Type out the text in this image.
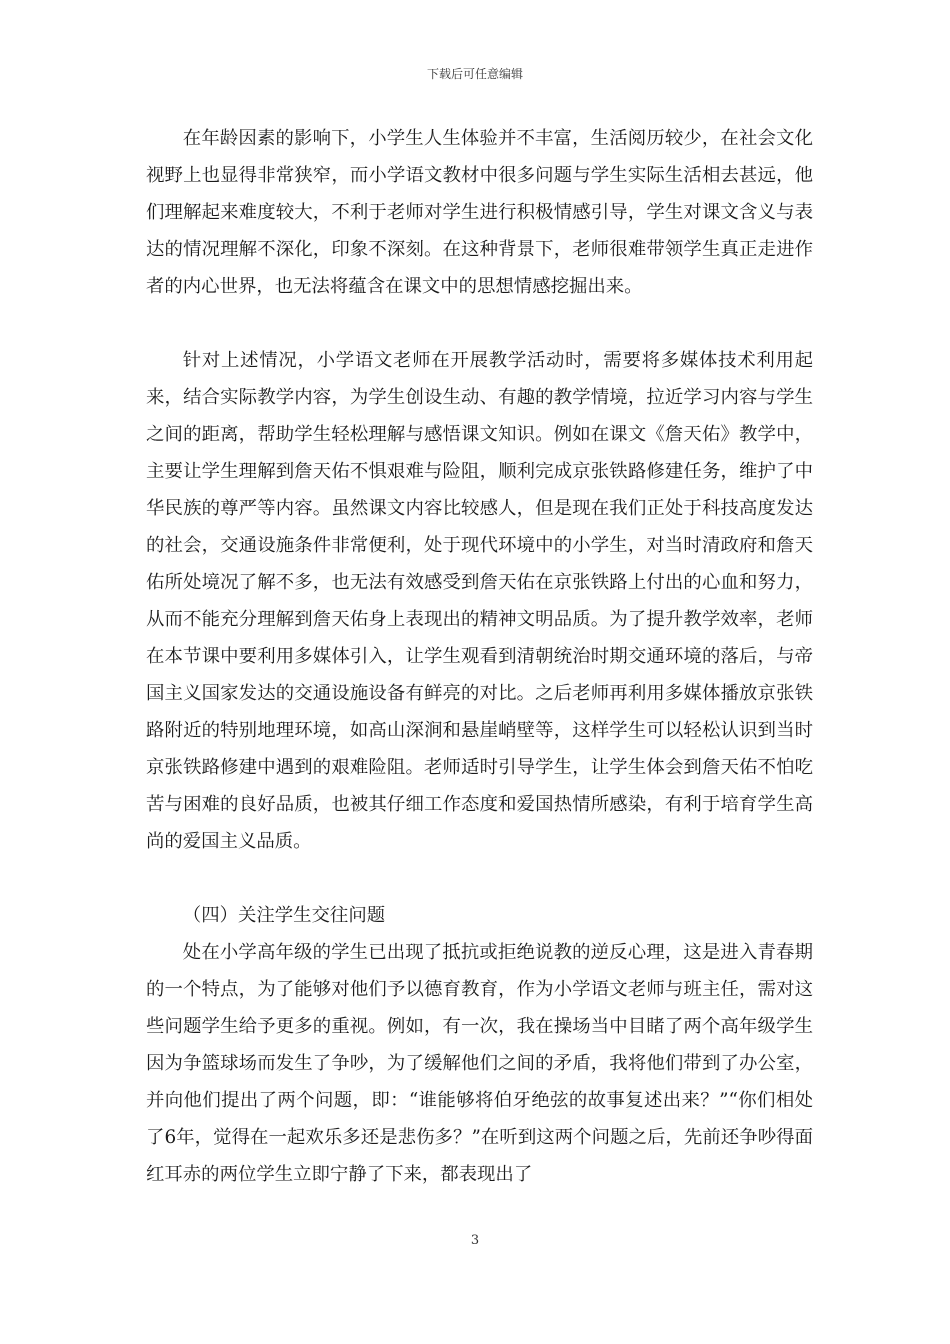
下载后可任意编辑

在年龄因素的影响下，小学生人生体验并不丰富，生活阅历较少，在社会文化视野上也显得非常狭窄，而小学语文教材中很多问题与学生实际生活相去甚远，他们理解起来难度较大，不利于老师对学生进行积极情感引导，学生对课文含义与表达的情况理解不深化，印象不深刻。在这种背景下，老师很难带领学生真正走进作者的内心世界，也无法将蕴含在课文中的思想情感挖掘出来。

针对上述情况，小学语文老师在开展教学活动时，需要将多媒体技术利用起来，结合实际教学内容，为学生创设生动、有趣的教学情境，拉近学习内容与学生之间的距离，帮助学生轻松理解与感悟课文知识。例如在课文《詹天佑》教学中，主要让学生理解到詹天佑不惧艰难与险阻，顺利完成京张铁路修建任务，维护了中华民族的尊严等内容。虽然课文内容比较感人，但是现在我们正处于科技高度发达的社会，交通设施条件非常便利，处于现代环境中的小学生，对当时清政府和詹天佑所处境况了解不多，也无法有效感受到詹天佑在京张铁路上付出的心血和努力，从而不能充分理解到詹天佑身上表现出的精神文明品质。为了提升教学效率，老师在本节课中要利用多媒体引入，让学生观看到清朝统治时期交通环境的落后，与帝国主义国家发达的交通设施设备有鲜亮的对比。之后老师再利用多媒体播放京张铁路附近的特别地理环境，如高山深涧和悬崖峭壁等，这样学生可以轻松认识到当时京张铁路修建中遇到的艰难险阻。老师适时引导学生，让学生体会到詹天佑不怕吃苦与困难的良好品质，也被其仔细工作态度和爱国热情所感染，有利于培育学生高尚的爱国主义品质。

（四）关注学生交往问题

处在小学高年级的学生已出现了抵抗或拒绝说教的逆反心理，这是进入青春期的一个特点，为了能够对他们予以德育教育，作为小学语文老师与班主任，需对这些问题学生给予更多的重视。例如，有一次，我在操场当中目睹了两个高年级学生因为争篮球场而发生了争吵，为了缓解他们之间的矛盾，我将他们带到了办公室，并向他们提出了两个问题，即：“谁能够将伯牙绝弦的故事复述出来？”“你们相处了6年，觉得在一起欢乐多还是悲伤多？”在听到这两个问题之后，先前还争吵得面红耳赤的两位学生立即宁静了下来，都表现出了

3
